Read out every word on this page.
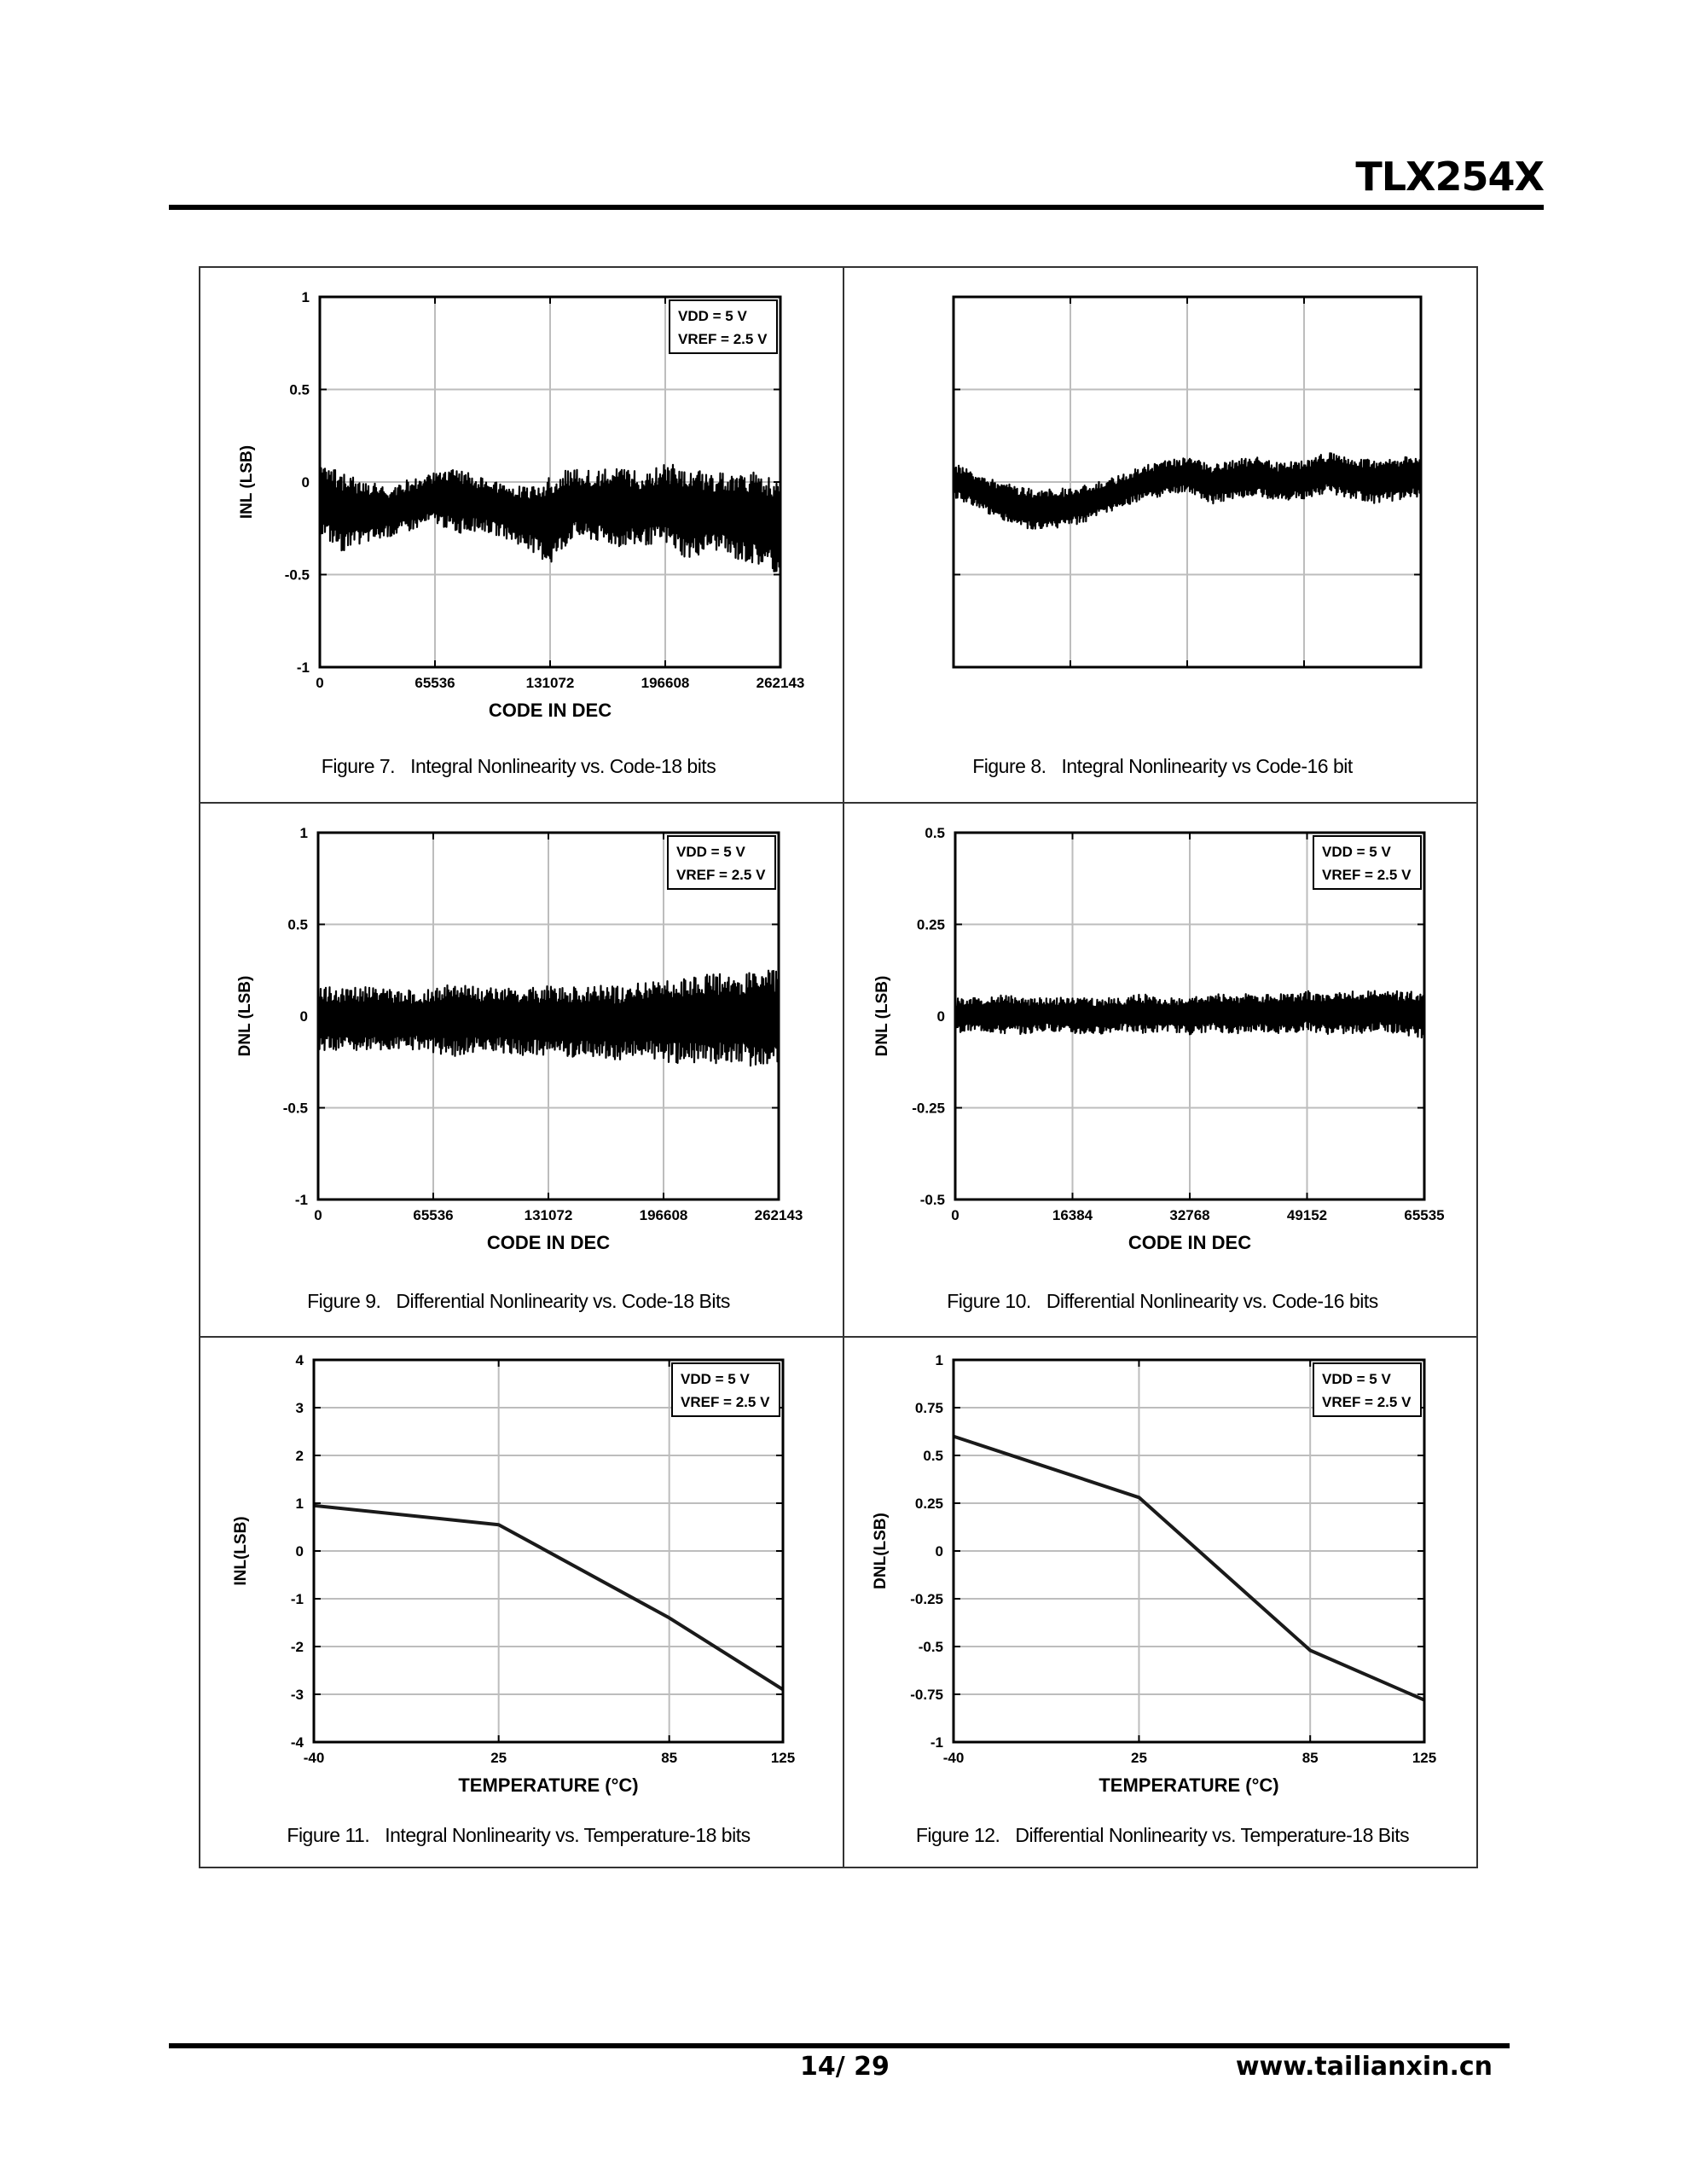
TLX254X
0	65536	131072	196608	262143
1
0.5
0
-0.5
-1
CODE IN DEC
INL (LSB)
VDD = 5 V
VREF = 2.5 V
Figure 7. Integral Nonlinearity vs. Code-18 bits	Figure 8. Integral Nonlinearity vs Code-16 bit
0	65536	131072	196608	262143
1
0.5
0
-0.5
-1
CODE IN DEC
DNL (LSB)
VDD = 5 V
VREF = 2.5 V
Figure 9. Differential Nonlinearity vs. Code-18 Bits
0	16384	32768	49152	65535
0.5
0.25
0
-0.25
-0.5
CODE IN DEC
DNL (LSB)
VDD = 5 V
VREF = 2.5 V
Figure 10. Differential Nonlinearity vs. Code-16 bits
-40	25	85	125
4
3
2
1
0
-1
-2
-3
-4
TEMPERATURE (°C)
INL(LSB)
VDD = 5 V
VREF = 2.5 V
Figure 11. Integral Nonlinearity vs. Temperature-18 bits
-40	25	85	125
1
0.75
0.5
0.25
0
-0.25
-0.5
-0.75
-1
TEMPERATURE (°C)
DNL(LSB)
VDD = 5 V
VREF = 2.5 V
Figure 12. Differential Nonlinearity vs. Temperature-18 Bits
14/ 29	www.tailianxin.cn
